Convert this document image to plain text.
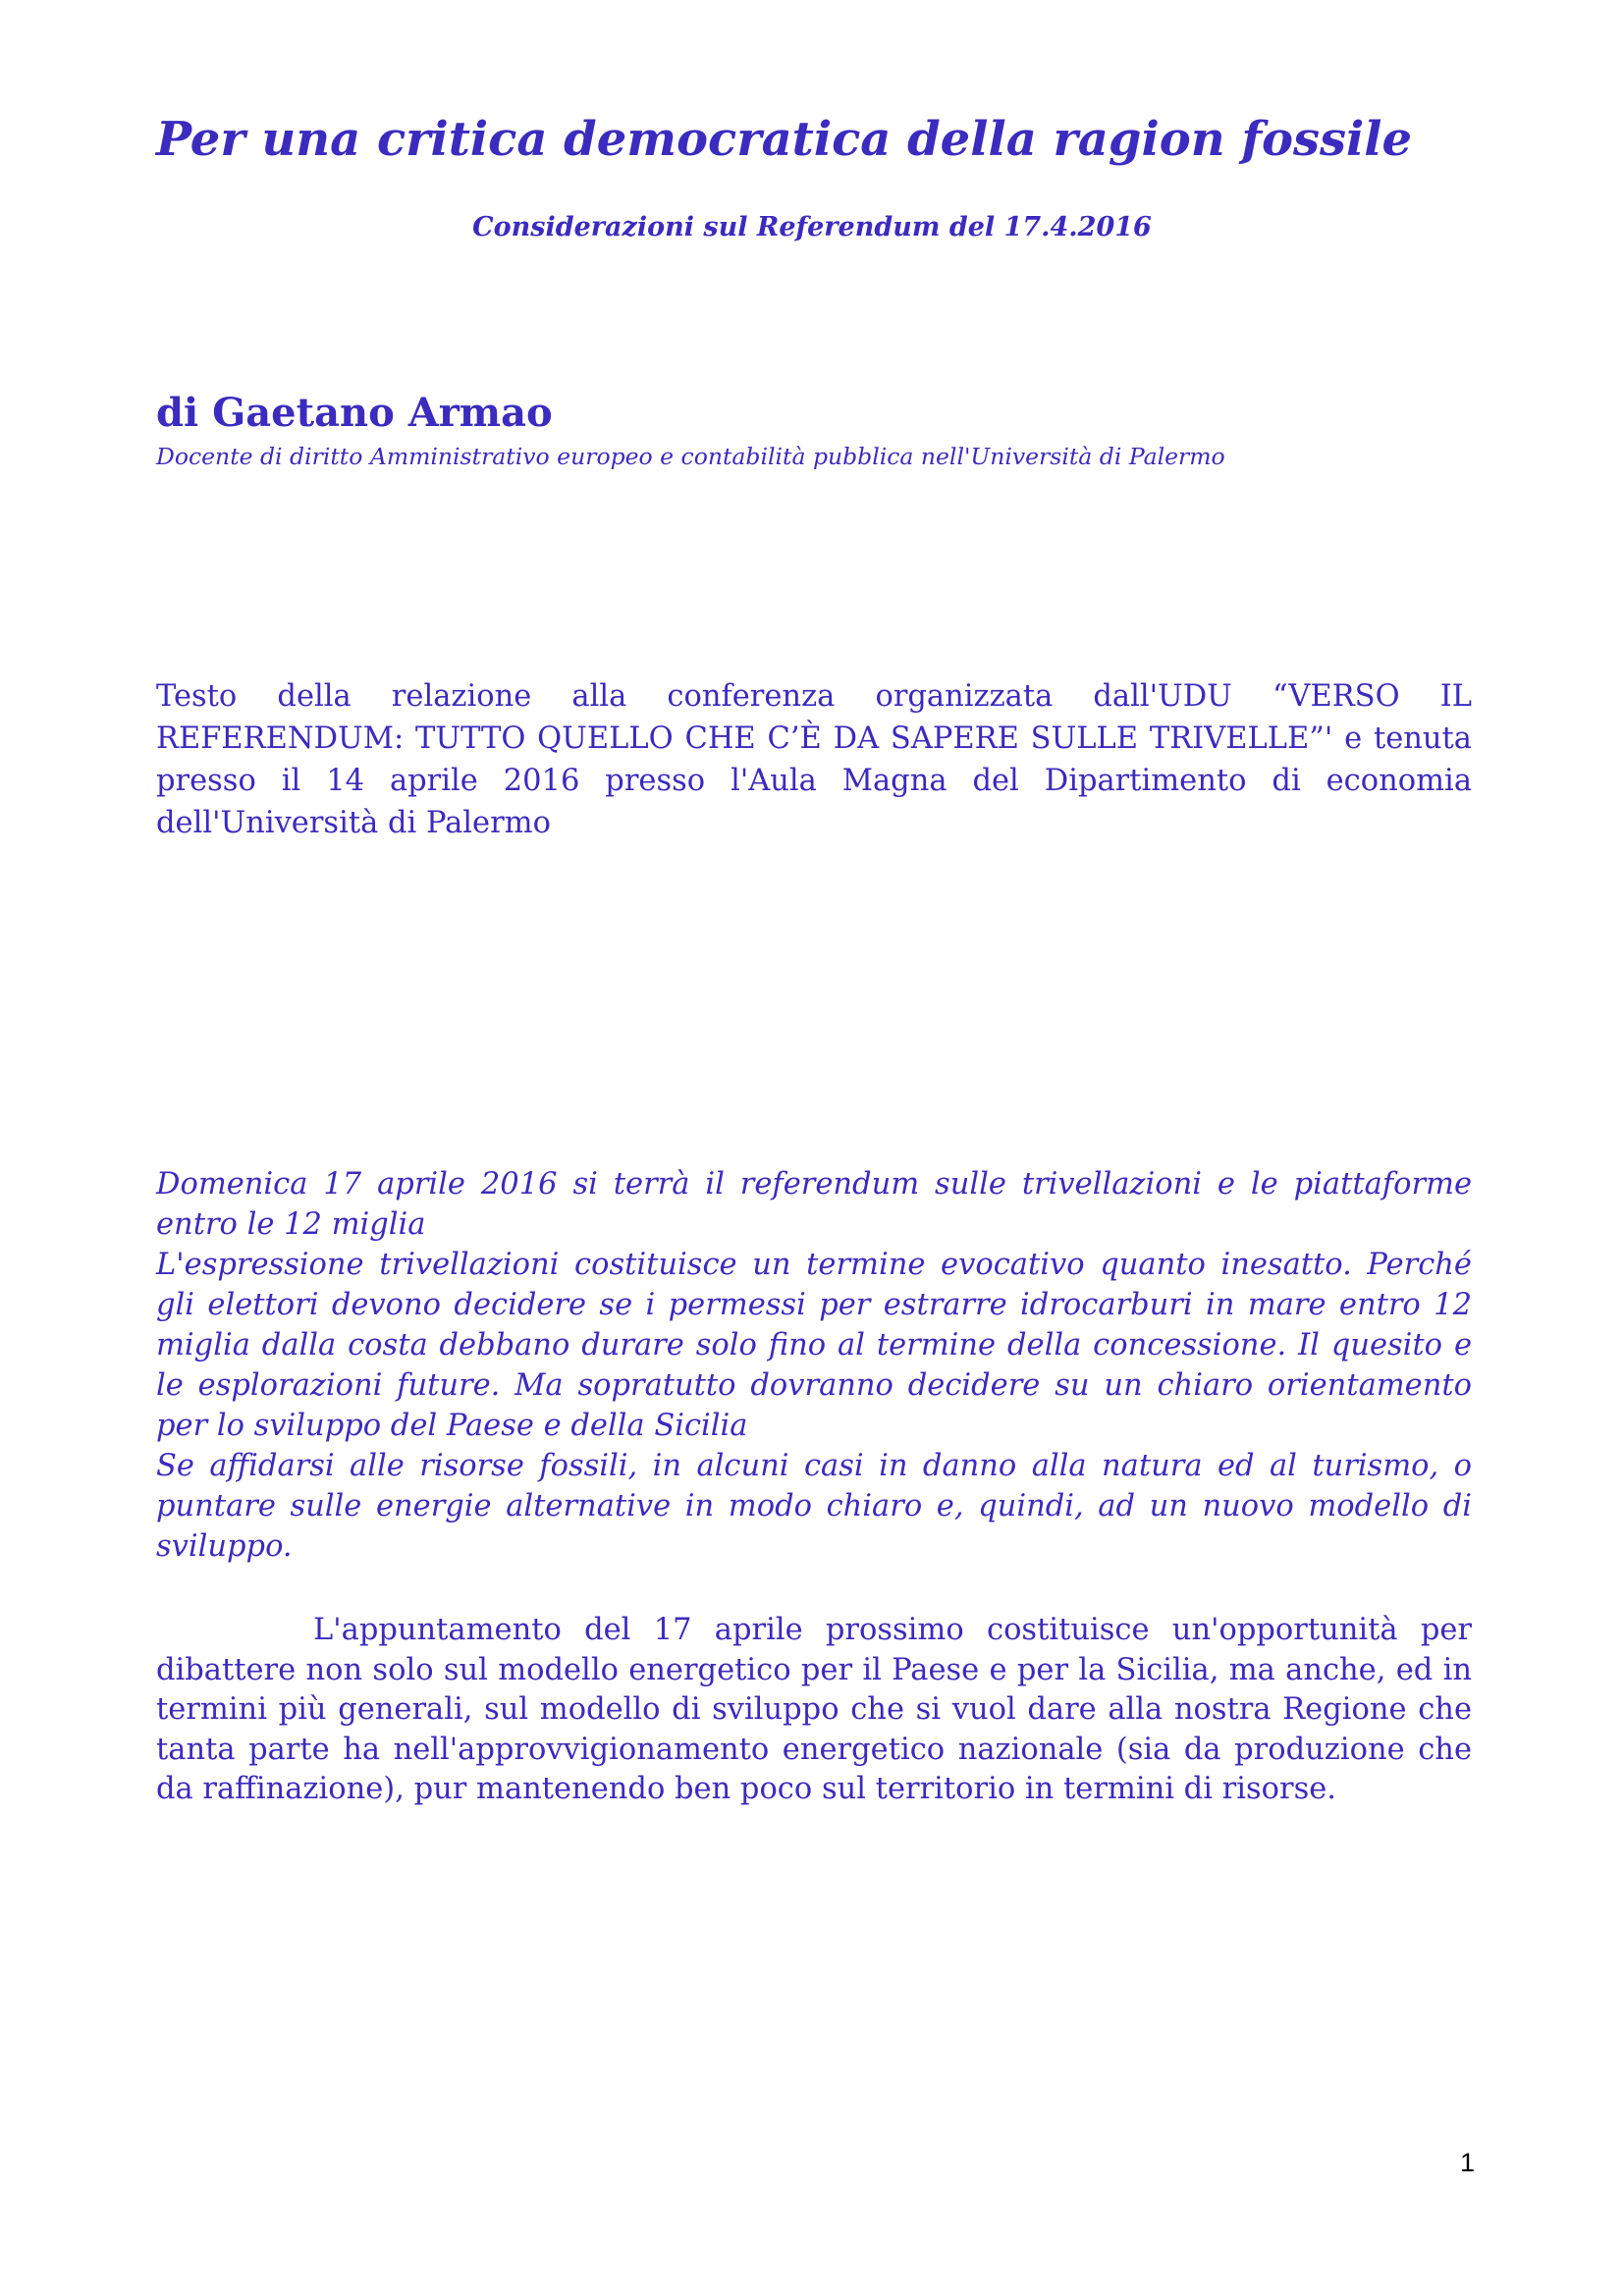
Per una critica democratica della ragion fossile
Considerazioni sul Referendum del 17.4.2016
di Gaetano Armao
Docente di diritto Amministrativo europeo e contabilità pubblica nell'Università di Palermo

Testo della relazione alla conferenza organizzata dall'UDU “VERSO IL REFERENDUM: TUTTO QUELLO CHE C’È DA SAPERE SULLE TRIVELLE”' e tenuta presso il 14 aprile 2016 presso l'Aula Magna del Dipartimento di economia dell'Università di Palermo

Domenica 17 aprile 2016 si terrà il referendum sulle trivellazioni e le piattaforme entro le 12 miglia

L'espressione trivellazioni costituisce un termine evocativo quanto inesatto. Perché gli elettori devono decidere se i permessi per estrarre idrocarburi in mare entro 12 miglia dalla costa debbano durare solo fino al termine della concessione. Il quesito e le esplorazioni future. Ma sopratutto dovranno decidere su un chiaro orientamento per lo sviluppo del Paese e della Sicilia

Se affidarsi alle risorse fossili, in alcuni casi in danno alla natura ed al turismo, o puntare sulle energie alternative in modo chiaro e, quindi, ad un nuovo modello di sviluppo.

L'appuntamento del 17 aprile prossimo costituisce un'opportunità per dibattere non solo sul modello energetico per il Paese e per la Sicilia, ma anche, ed in termini più generali, sul modello di sviluppo che si vuol dare alla nostra Regione che tanta parte ha nell'approvvigionamento energetico nazionale (sia da produzione che da raffinazione), pur mantenendo ben poco sul territorio in termini di risorse.

1
